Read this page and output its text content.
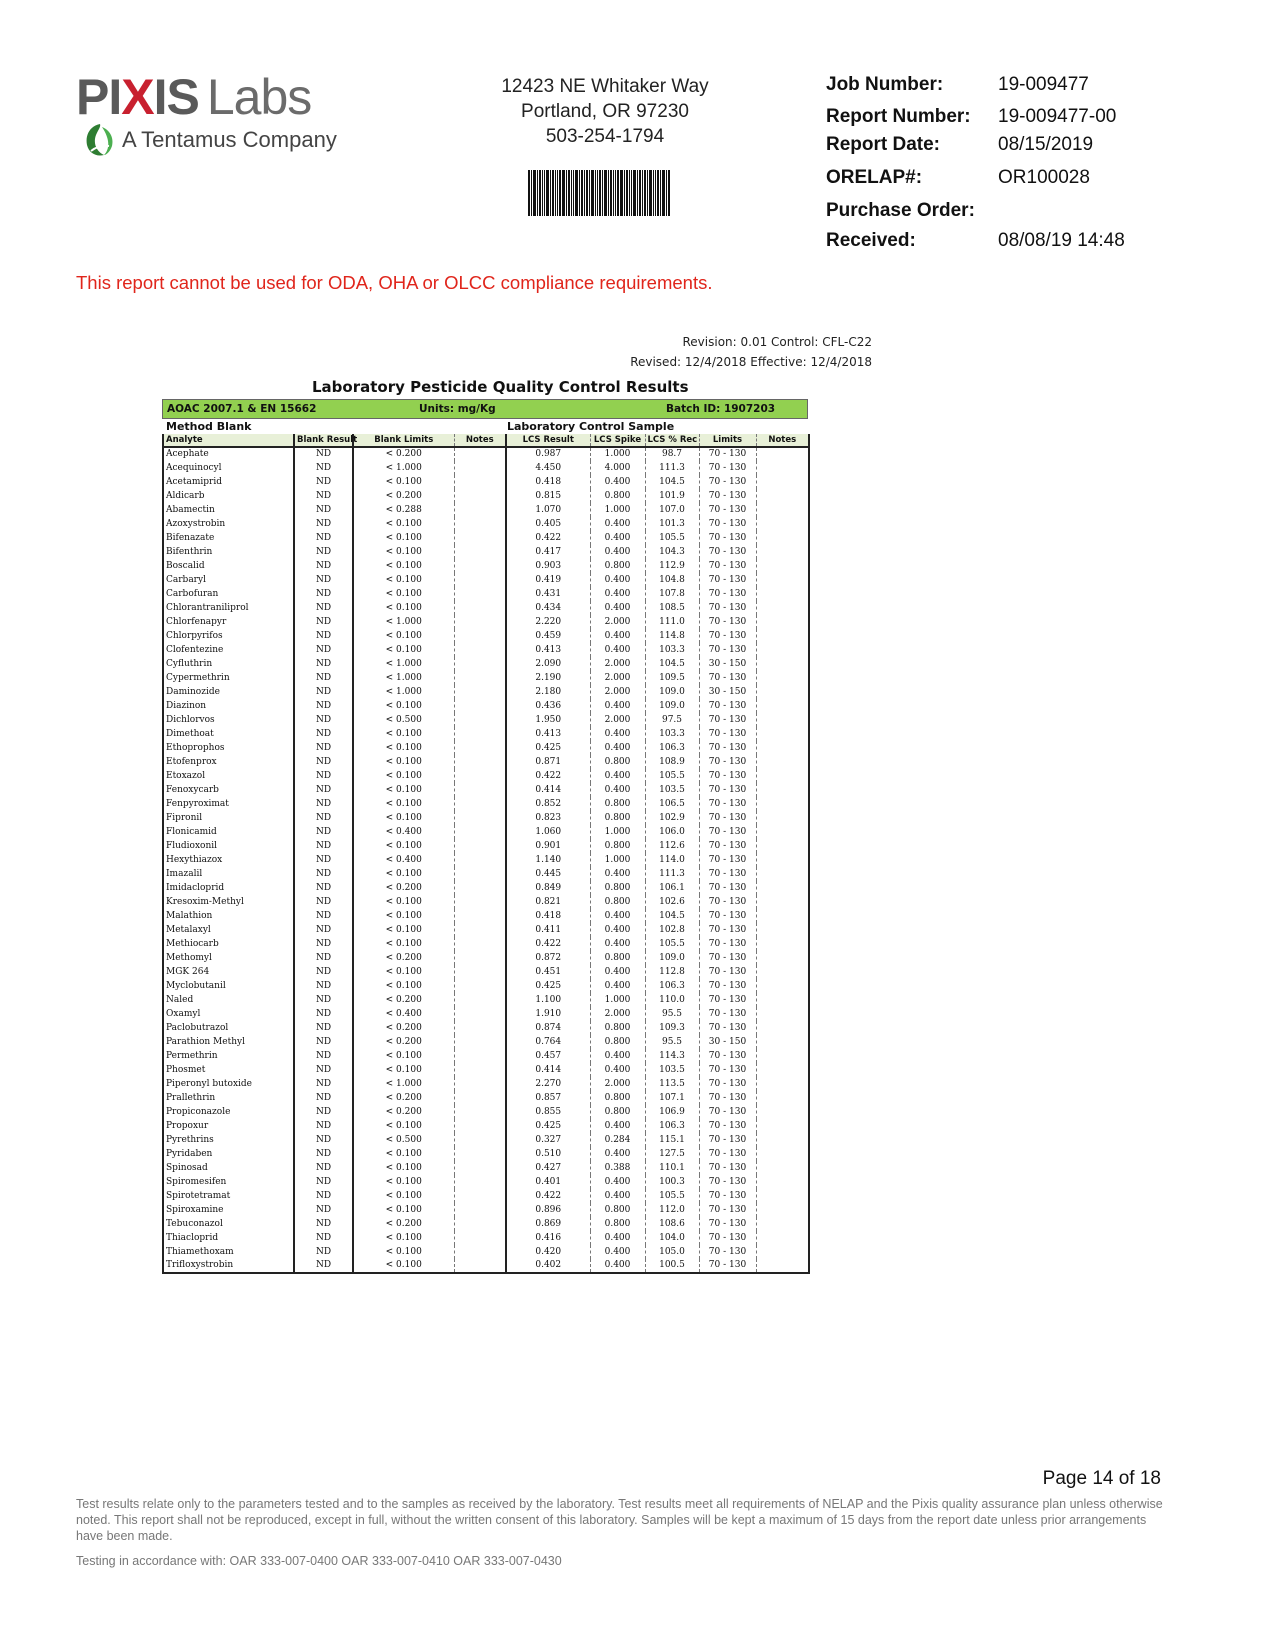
PIXIS Labs
A Tentamus Company
12423 NE Whitaker Way
Portland, OR 97230
503-254-1794
Job Number:	19-009477
Report Number: 19-009477-00
Report Date:	08/15/2019
ORELAP#:	OR100028
Purchase Order:
Received:	08/08/19 14:48
This report cannot be used for ODA, OHA or OLCC compliance requirements.
Revision: 0.01 Control: CFL-C22
Revised: 12/4/2018 Effective: 12/4/2018
Laboratory Pesticide Quality Control Results
AOAC 2007.1 & EN 15662	Units: mg/Kg	Batch ID: 1907203
Method Blank	Laboratory Control Sample
Analyte	Blank Result	Blank Limits	Notes	LCS Result	LCS Spike	LCS % Rec	Limits	Notes
Acephate	ND	< 0.200		0.987	1.000	98.7	70 - 130	
Acequinocyl	ND	< 1.000		4.450	4.000	111.3	70 - 130	
Acetamiprid	ND	< 0.100		0.418	0.400	104.5	70 - 130	
Aldicarb	ND	< 0.200		0.815	0.800	101.9	70 - 130	
Abamectin	ND	< 0.288		1.070	1.000	107.0	70 - 130	
Azoxystrobin	ND	< 0.100		0.405	0.400	101.3	70 - 130	
Bifenazate	ND	< 0.100		0.422	0.400	105.5	70 - 130	
Bifenthrin	ND	< 0.100		0.417	0.400	104.3	70 - 130	
Boscalid	ND	< 0.100		0.903	0.800	112.9	70 - 130	
Carbaryl	ND	< 0.100		0.419	0.400	104.8	70 - 130	
Carbofuran	ND	< 0.100		0.431	0.400	107.8	70 - 130	
Chlorantraniliprol	ND	< 0.100		0.434	0.400	108.5	70 - 130	
Chlorfenapyr	ND	< 1.000		2.220	2.000	111.0	70 - 130	
Chlorpyrifos	ND	< 0.100		0.459	0.400	114.8	70 - 130	
Clofentezine	ND	< 0.100		0.413	0.400	103.3	70 - 130	
Cyfluthrin	ND	< 1.000		2.090	2.000	104.5	30 - 150	
Cypermethrin	ND	< 1.000		2.190	2.000	109.5	70 - 130	
Daminozide	ND	< 1.000		2.180	2.000	109.0	30 - 150	
Diazinon	ND	< 0.100		0.436	0.400	109.0	70 - 130	
Dichlorvos	ND	< 0.500		1.950	2.000	97.5	70 - 130	
Dimethoat	ND	< 0.100		0.413	0.400	103.3	70 - 130	
Ethoprophos	ND	< 0.100		0.425	0.400	106.3	70 - 130	
Etofenprox	ND	< 0.100		0.871	0.800	108.9	70 - 130	
Etoxazol	ND	< 0.100		0.422	0.400	105.5	70 - 130	
Fenoxycarb	ND	< 0.100		0.414	0.400	103.5	70 - 130	
Fenpyroximat	ND	< 0.100		0.852	0.800	106.5	70 - 130	
Fipronil	ND	< 0.100		0.823	0.800	102.9	70 - 130	
Flonicamid	ND	< 0.400		1.060	1.000	106.0	70 - 130	
Fludioxonil	ND	< 0.100		0.901	0.800	112.6	70 - 130	
Hexythiazox	ND	< 0.400		1.140	1.000	114.0	70 - 130	
Imazalil	ND	< 0.100		0.445	0.400	111.3	70 - 130	
Imidacloprid	ND	< 0.200		0.849	0.800	106.1	70 - 130	
Kresoxim-Methyl	ND	< 0.100		0.821	0.800	102.6	70 - 130	
Malathion	ND	< 0.100		0.418	0.400	104.5	70 - 130	
Metalaxyl	ND	< 0.100		0.411	0.400	102.8	70 - 130	
Methiocarb	ND	< 0.100		0.422	0.400	105.5	70 - 130	
Methomyl	ND	< 0.200		0.872	0.800	109.0	70 - 130	
MGK 264	ND	< 0.100		0.451	0.400	112.8	70 - 130	
Myclobutanil	ND	< 0.100		0.425	0.400	106.3	70 - 130	
Naled	ND	< 0.200		1.100	1.000	110.0	70 - 130	
Oxamyl	ND	< 0.400		1.910	2.000	95.5	70 - 130	
Paclobutrazol	ND	< 0.200		0.874	0.800	109.3	70 - 130	
Parathion Methyl	ND	< 0.200		0.764	0.800	95.5	30 - 150	
Permethrin	ND	< 0.100		0.457	0.400	114.3	70 - 130	
Phosmet	ND	< 0.100		0.414	0.400	103.5	70 - 130	
Piperonyl butoxide	ND	< 1.000		2.270	2.000	113.5	70 - 130	
Prallethrin	ND	< 0.200		0.857	0.800	107.1	70 - 130	
Propiconazole	ND	< 0.200		0.855	0.800	106.9	70 - 130	
Propoxur	ND	< 0.100		0.425	0.400	106.3	70 - 130	
Pyrethrins	ND	< 0.500		0.327	0.284	115.1	70 - 130	
Pyridaben	ND	< 0.100		0.510	0.400	127.5	70 - 130	
Spinosad	ND	< 0.100		0.427	0.388	110.1	70 - 130	
Spiromesifen	ND	< 0.100		0.401	0.400	100.3	70 - 130	
Spirotetramat	ND	< 0.100		0.422	0.400	105.5	70 - 130	
Spiroxamine	ND	< 0.100		0.896	0.800	112.0	70 - 130	
Tebuconazol	ND	< 0.200		0.869	0.800	108.6	70 - 130	
Thiacloprid	ND	< 0.100		0.416	0.400	104.0	70 - 130	
Thiamethoxam	ND	< 0.100		0.420	0.400	105.0	70 - 130	
Trifloxystrobin	ND	< 0.100		0.402	0.400	100.5	70 - 130	
Page 14 of 18
Test results relate only to the parameters tested and to the samples as received by the laboratory. Test results meet all requirements of NELAP and the Pixis quality assurance plan unless otherwise noted. This report shall not be reproduced, except in full, without the written consent of this laboratory. Samples will be kept a maximum of 15 days from the report date unless prior arrangements have been made.
Testing in accordance with: OAR 333-007-0400 OAR 333-007-0410 OAR 333-007-0430
